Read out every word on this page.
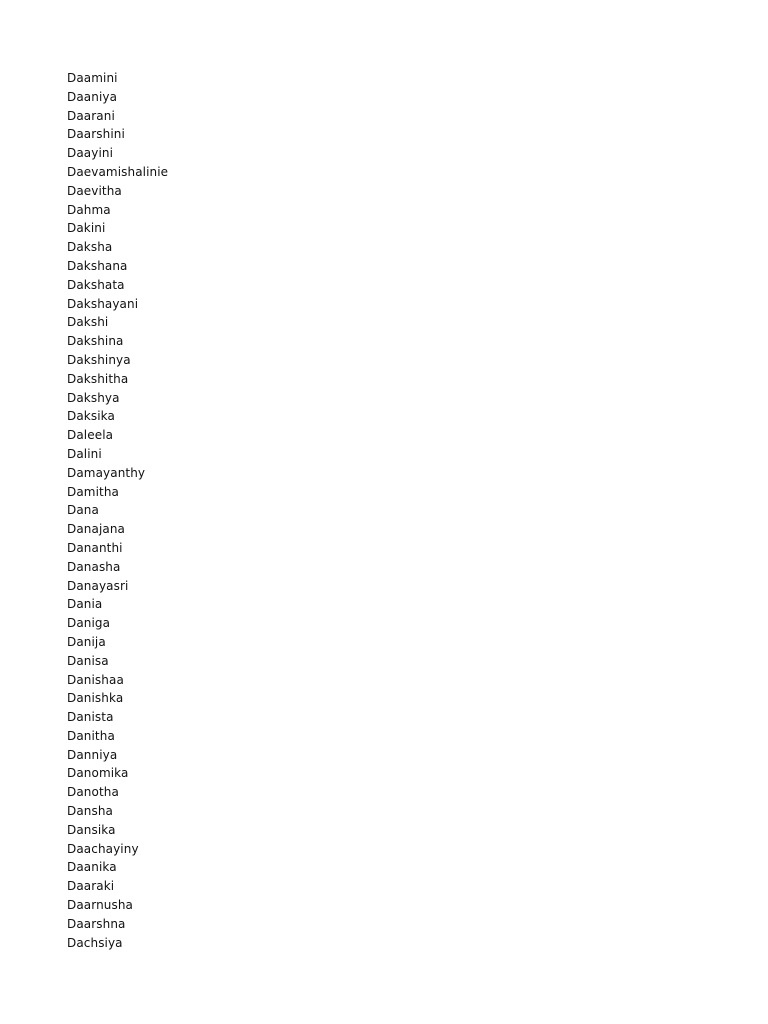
Daamini
Daaniya
Daarani
Daarshini
Daayini
Daevamishalinie
Daevitha
Dahma
Dakini
Daksha
Dakshana
Dakshata
Dakshayani
Dakshi
Dakshina
Dakshinya
Dakshitha
Dakshya
Daksika
Daleela
Dalini
Damayanthy
Damitha
Dana
Danajana
Dananthi
Danasha
Danayasri
Dania
Daniga
Danija
Danisa
Danishaa
Danishka
Danista
Danitha
Danniya
Danomika
Danotha
Dansha
Dansika
Daachayiny
Daanika
Daaraki
Daarnusha
Daarshna
Dachsiya
